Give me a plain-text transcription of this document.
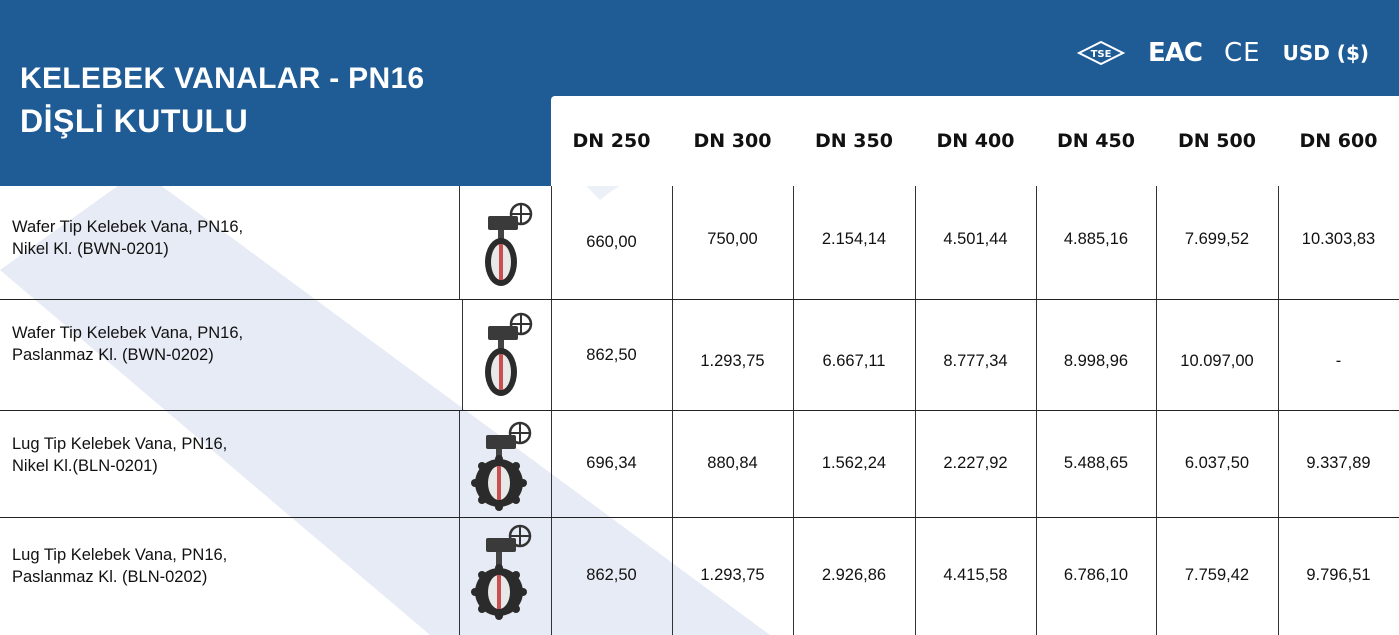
KELEBEK VANALAR - PN16
DİŞLİ KUTULU
TSE EAC CE USD ($)
DN 250	DN 300	DN 350	DN 400	DN 450	DN 500	DN 600
Wafer Tip Kelebek Vana, PN16,
Nikel Kl. (BWN-0201)	660,00	750,00	2.154,14	4.501,44	4.885,16	7.699,52	10.303,83
Wafer Tip Kelebek Vana, PN16,
Paslanmaz Kl. (BWN-0202)	862,50	1.293,75	6.667,11	8.777,34	8.998,96	10.097,00	-
Lug Tip Kelebek Vana, PN16,
Nikel Kl.(BLN-0201)	696,34	880,84	1.562,24	2.227,92	5.488,65	6.037,50	9.337,89
Lug Tip Kelebek Vana, PN16,
Paslanmaz Kl. (BLN-0202)	862,50	1.293,75	2.926,86	4.415,58	6.786,10	7.759,42	9.796,51
